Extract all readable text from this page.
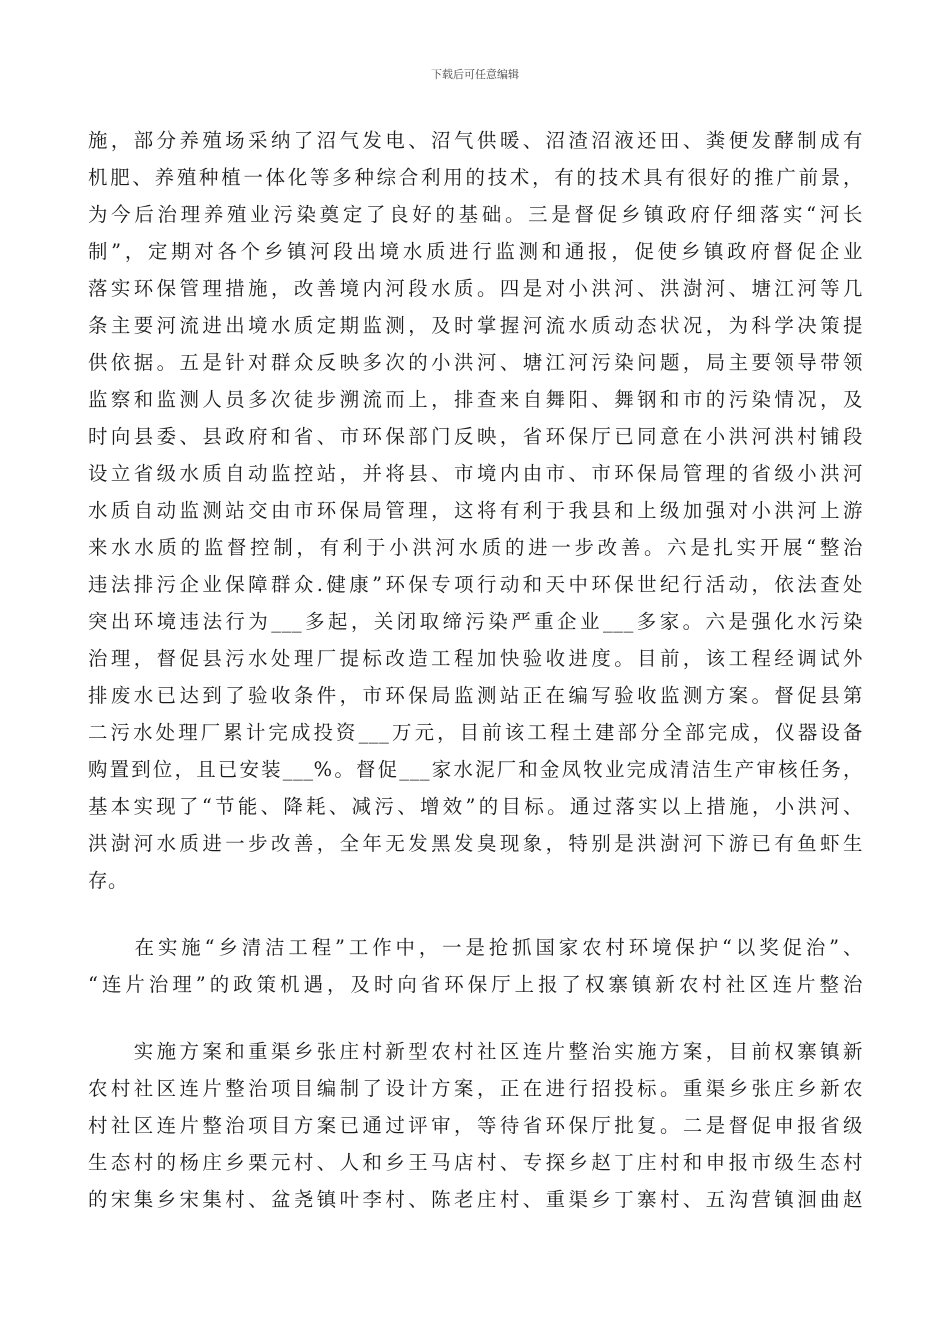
下载后可任意编辑
施，部分养殖场采纳了沼气发电、沼气供暖、沼渣沼液还田、粪便发酵制成有
机肥、养殖种植一体化等多种综合利用的技术，有的技术具有很好的推广前景，
为今后治理养殖业污染奠定了良好的基础。三是督促乡镇政府仔细落实“河长
制”，定期对各个乡镇河段出境水质进行监测和通报，促使乡镇政府督促企业
落实环保管理措施，改善境内河段水质。四是对小洪河、洪澍河、塘江河等几
条主要河流进出境水质定期监测，及时掌握河流水质动态状况，为科学决策提
供依据。五是针对群众反映多次的小洪河、塘江河污染问题，局主要领导带领
监察和监测人员多次徒步溯流而上，排查来自舞阳、舞钢和市的污染情况，及
时向县委、县政府和省、市环保部门反映，省环保厅已同意在小洪河洪村铺段
设立省级水质自动监控站，并将县、市境内由市、市环保局管理的省级小洪河
水质自动监测站交由市环保局管理，这将有利于我县和上级加强对小洪河上游
来水水质的监督控制，有利于小洪河水质的进一步改善。六是扎实开展“整治
违法排污企业保障群众.健康”环保专项行动和天中环保世纪行活动，依法查处
突出环境违法行为___多起，关闭取缔污染严重企业___多家。六是强化水污染
治理，督促县污水处理厂提标改造工程加快验收进度。目前，该工程经调试外
排废水已达到了验收条件，市环保局监测站正在编写验收监测方案。督促县第
二污水处理厂累计完成投资___万元，目前该工程土建部分全部完成，仪器设备
购置到位，且已安装___%。督促___家水泥厂和金凤牧业完成清洁生产审核任务，
基本实现了“节能、降耗、减污、增效”的目标。通过落实以上措施，小洪河、
洪澍河水质进一步改善，全年无发黑发臭现象，特别是洪澍河下游已有鱼虾生
存。
　　在实施“乡清洁工程”工作中，一是抢抓国家农村环境保护“以奖促治”、
“连片治理”的政策机遇，及时向省环保厅上报了权寨镇新农村社区连片整治
　　实施方案和重渠乡张庄村新型农村社区连片整治实施方案，目前权寨镇新
农村社区连片整治项目编制了设计方案，正在进行招投标。重渠乡张庄乡新农
村社区连片整治项目方案已通过评审，等待省环保厅批复。二是督促申报省级
生态村的杨庄乡栗元村、人和乡王马店村、专探乡赵丁庄村和申报市级生态村
的宋集乡宋集村、盆尧镇叶李村、陈老庄村、重渠乡丁寨村、五沟营镇洄曲赵
